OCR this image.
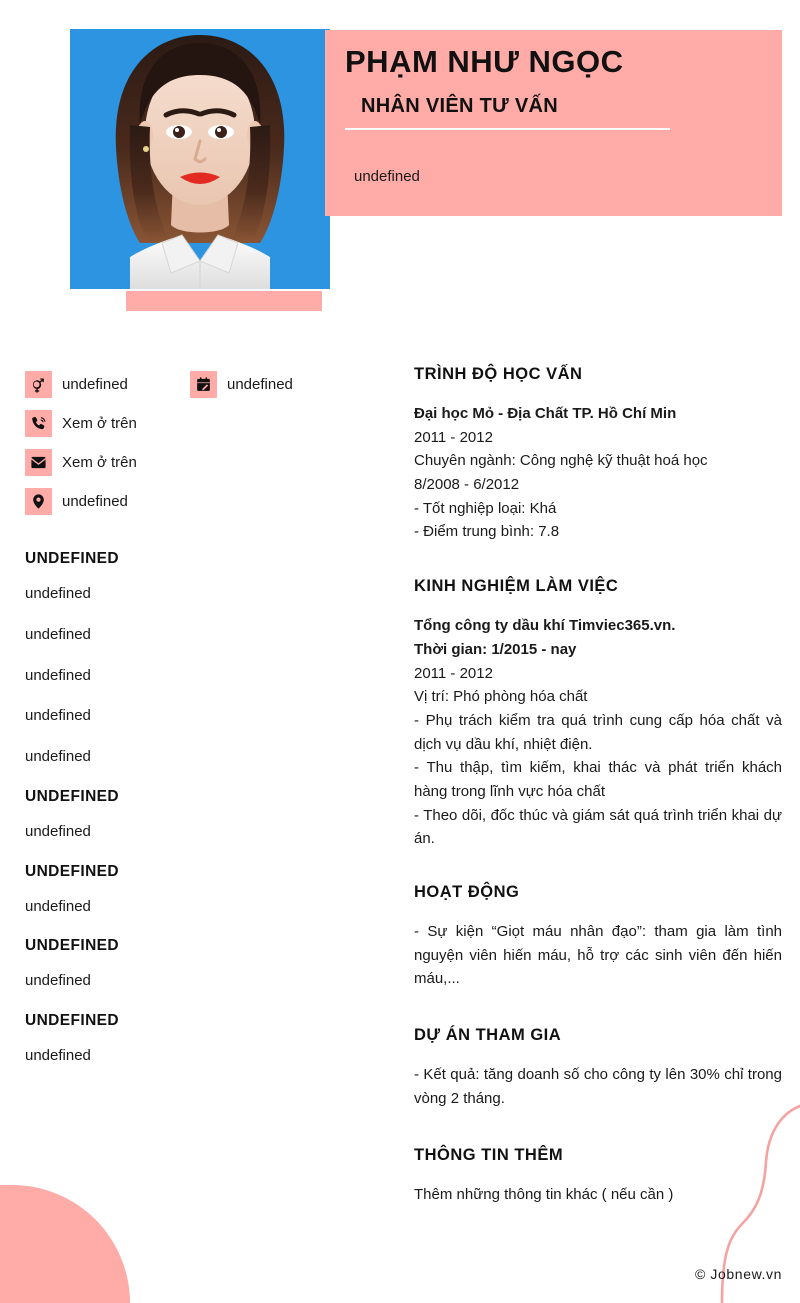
PHẠM NHƯ NGỌC
NHÂN VIÊN TƯ VẤN
undefined
undefined	undefined
Xem ở trên
Xem ở trên
undefined
UNDEFINED
undefined
undefined
undefined
undefined
undefined
UNDEFINED
undefined
UNDEFINED
undefined
UNDEFINED
undefined
UNDEFINED
undefined
TRÌNH ĐỘ HỌC VẤN
Đại học Mỏ - Địa Chất TP. Hồ Chí Min
2011 - 2012
Chuyên ngành: Công nghệ kỹ thuật hoá học
8/2008 - 6/2012
- Tốt nghiệp loại: Khá
- Điểm trung bình: 7.8
KINH NGHIỆM LÀM VIỆC
Tổng công ty dầu khí Timviec365.vn.
Thời gian: 1/2015 - nay
2011 - 2012
Vị trí: Phó phòng hóa chất
- Phụ trách kiểm tra quá trình cung cấp hóa chất và dịch vụ dầu khí, nhiệt điện.
- Thu thập, tìm kiếm, khai thác và phát triển khách hàng trong lĩnh vực hóa chất
- Theo dõi, đốc thúc và giám sát quá trình triển khai dự án.
HOẠT ĐỘNG
- Sự kiện “Giọt máu nhân đạo”: tham gia làm tình nguyện viên hiến máu, hỗ trợ các sinh viên đến hiến máu,...
DỰ ÁN THAM GIA
- Kết quả: tăng doanh số cho công ty lên 30% chỉ trong vòng 2 tháng.
THÔNG TIN THÊM
Thêm những thông tin khác ( nếu cần )
© Jobnew.vn
